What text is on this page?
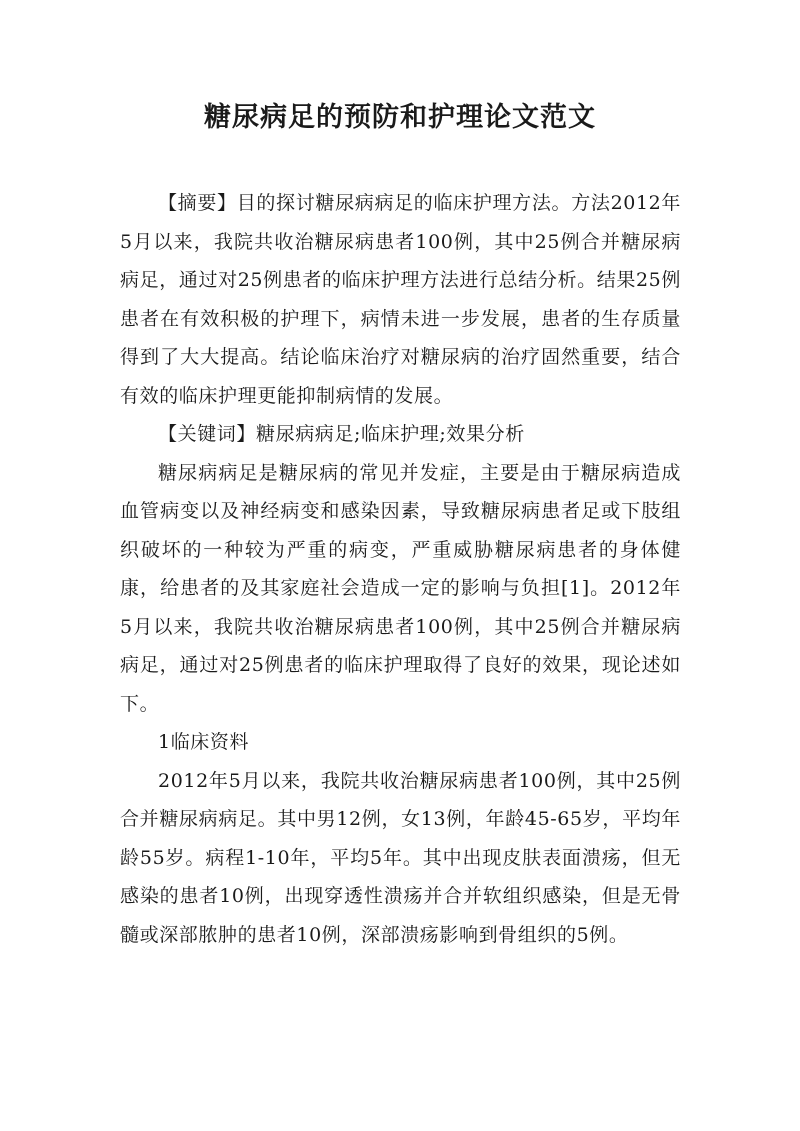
糖尿病足的预防和护理论文范文

【摘要】目的探讨糖尿病病足的临床护理方法。方法2012年5月以来，我院共收治糖尿病患者100例，其中25例合并糖尿病病足，通过对25例患者的临床护理方法进行总结分析。结果25例患者在有效积极的护理下，病情未进一步发展，患者的生存质量得到了大大提高。结论临床治疗对糖尿病的治疗固然重要，结合有效的临床护理更能抑制病情的发展。

【关键词】糖尿病病足;临床护理;效果分析

糖尿病病足是糖尿病的常见并发症，主要是由于糖尿病造成血管病变以及神经病变和感染因素，导致糖尿病患者足或下肢组织破坏的一种较为严重的病变，严重威胁糖尿病患者的身体健康，给患者的及其家庭社会造成一定的影响与负担[1]。2012年5月以来，我院共收治糖尿病患者100例，其中25例合并糖尿病病足，通过对25例患者的临床护理取得了良好的效果，现论述如下。

1临床资料

2012年5月以来，我院共收治糖尿病患者100例，其中25例合并糖尿病病足。其中男12例，女13例，年龄45-65岁，平均年龄55岁。病程1-10年，平均5年。其中出现皮肤表面溃疡，但无感染的患者10例，出现穿透性溃疡并合并软组织感染，但是无骨髓或深部脓肿的患者10例，深部溃疡影响到骨组织的5例。
